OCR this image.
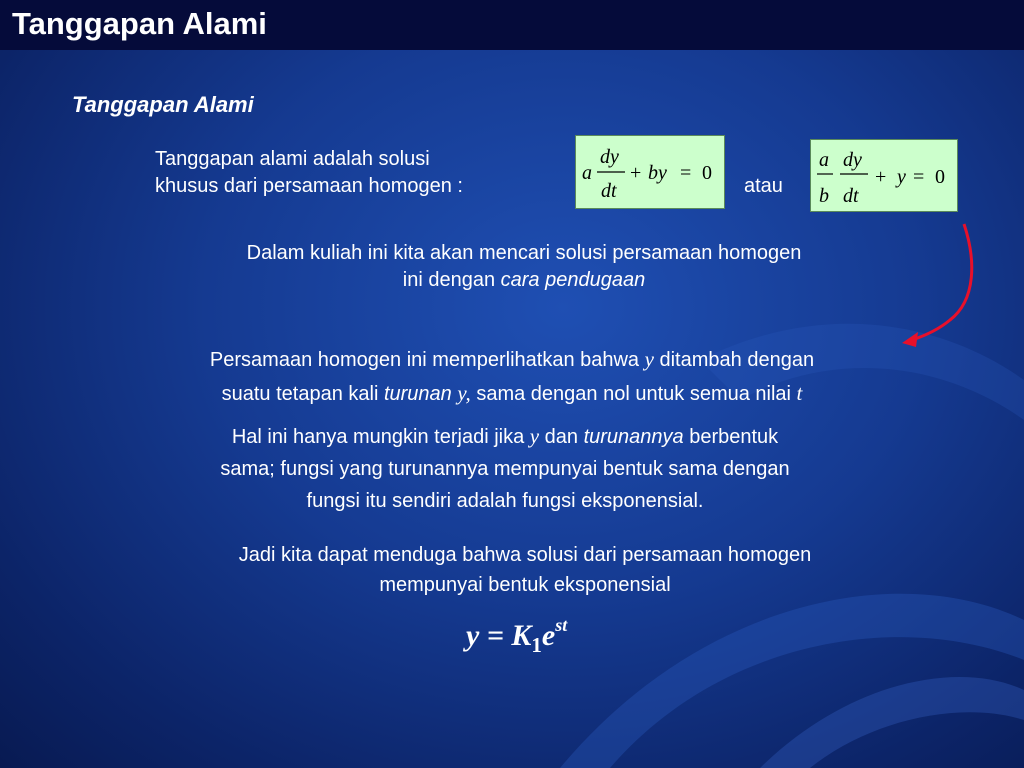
Tanggapan Alami
Tanggapan Alami
Tanggapan alami adalah solusi
khusus dari persamaan homogen :
a
dy
dt
+ by = 0
atau
a
b
dy
dt
+ y = 0
Dalam kuliah ini kita akan mencari solusi persamaan homogen
ini dengan cara pendugaan
Persamaan homogen ini memperlihatkan bahwa y ditambah dengan
suatu tetapan kali turunan y, sama dengan nol untuk semua nilai t
Hal ini hanya mungkin terjadi jika y dan turunannya berbentuk
sama; fungsi yang turunannya mempunyai bentuk sama dengan
fungsi itu sendiri adalah fungsi eksponensial.
Jadi kita dapat menduga bahwa solusi dari persamaan homogen
mempunyai bentuk eksponensial
$y = K_1e^{st}$
